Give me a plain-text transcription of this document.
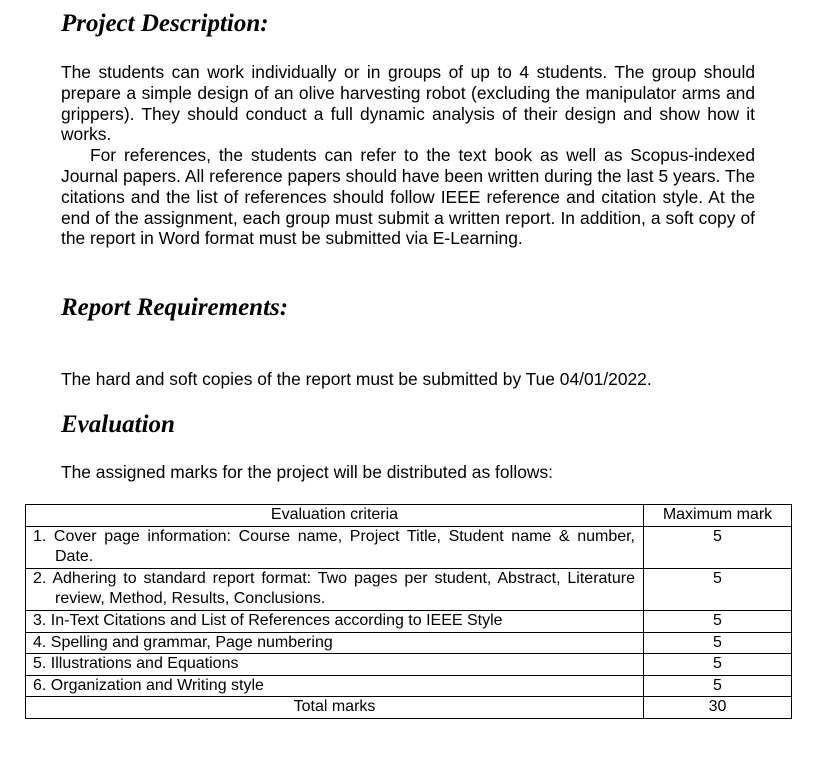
Project Description:

The students can work individually or in groups of up to 4 students. The group should prepare a simple design of an olive harvesting robot (excluding the manipulator arms and grippers). They should conduct a full dynamic analysis of their design and show how it works.
For references, the students can refer to the text book as well as Scopus-indexed Journal papers. All reference papers should have been written during the last 5 years. The citations and the list of references should follow IEEE reference and citation style. At the end of the assignment, each group must submit a written report. In addition, a soft copy of the report in Word format must be submitted via E-Learning.

Report Requirements:

The hard and soft copies of the report must be submitted by Tue 04/01/2022.

Evaluation

The assigned marks for the project will be distributed as follows:

Evaluation criteria	Maximum mark

1. Cover page information: Course name, Project Title, Student name & number, Date.	5

2. Adhering to standard report format: Two pages per student, Abstract, Literature review, Method, Results, Conclusions.	5

3. In-Text Citations and List of References according to IEEE Style	5

4. Spelling and grammar, Page numbering	5

5. Illustrations and Equations	5

6. Organization and Writing style	5
Total marks	30
